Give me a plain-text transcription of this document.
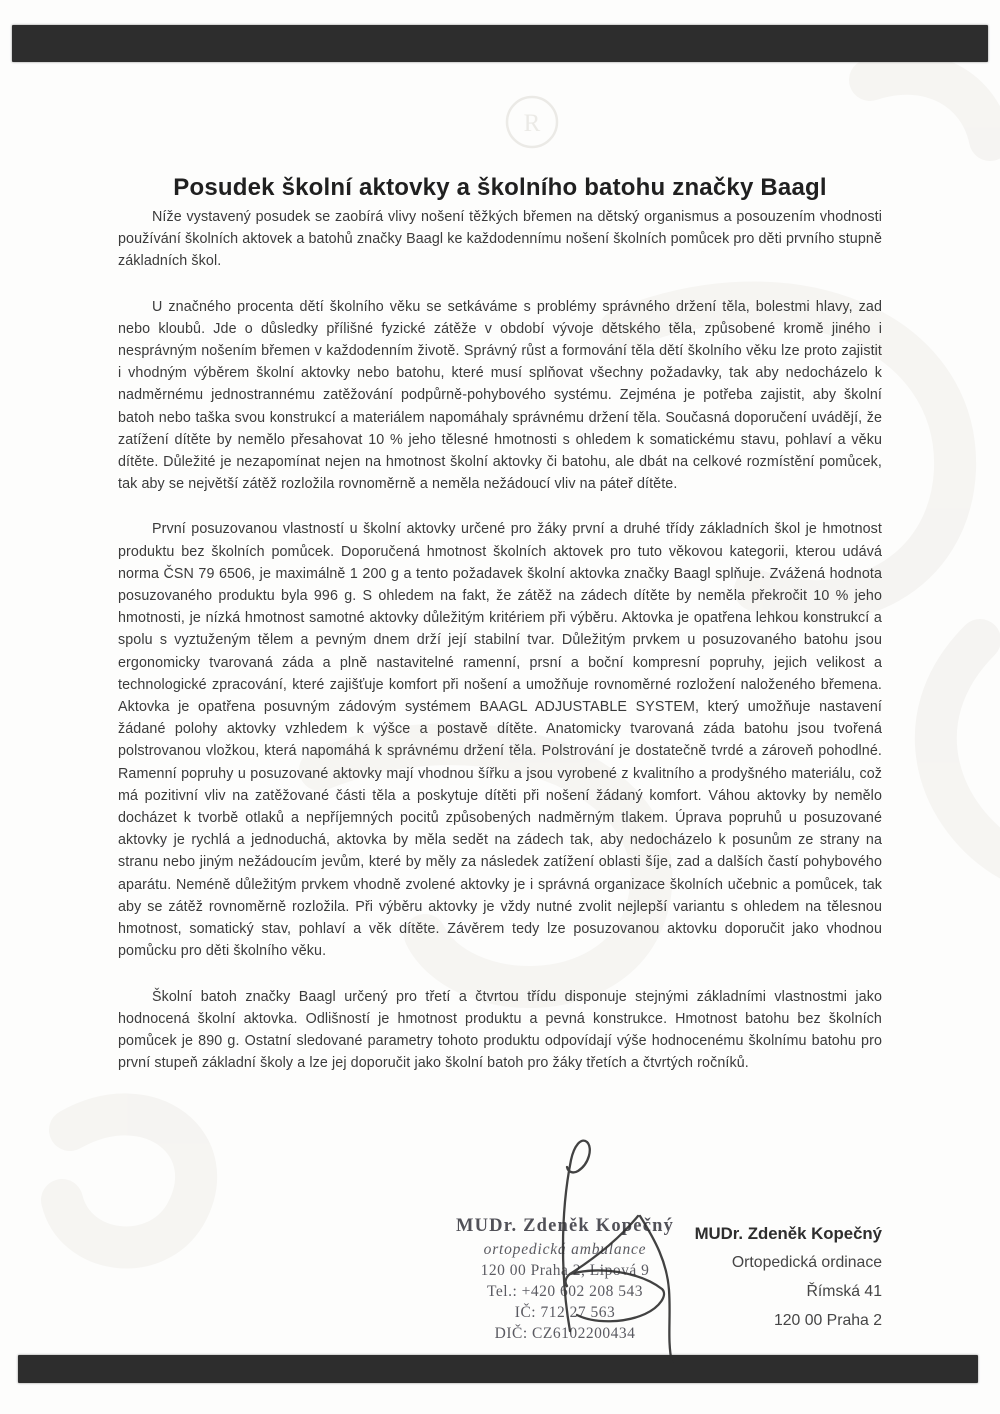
R
Posudek školní aktovky a školního batohu značky Baagl

Níže vystavený posudek se zaobírá vlivy nošení těžkých břemen na dětský organismus a posouzením vhodnosti používání školních aktovek a batohů značky Baagl ke každodennímu nošení školních pomůcek pro děti prvního stupně základních škol.

U značného procenta dětí školního věku se setkáváme s problémy správného držení těla, bolestmi hlavy, zad nebo kloubů. Jde o důsledky přílišné fyzické zátěže v období vývoje dětského těla, způsobené kromě jiného i nesprávným nošením břemen v každodenním životě. Správný růst a formování těla dětí školního věku lze proto zajistit i vhodným výběrem školní aktovky nebo batohu, které musí splňovat všechny požadavky, tak aby nedocházelo k nadměrnému jednostrannému zatěžování podpůrně-pohybového systému. Zejména je potřeba zajistit, aby školní batoh nebo taška svou konstrukcí a materiálem napomáhaly správnému držení těla. Současná doporučení uvádějí, že zatížení dítěte by nemělo přesahovat 10 % jeho tělesné hmotnosti s ohledem k somatickému stavu, pohlaví a věku dítěte. Důležité je nezapomínat nejen na hmotnost školní aktovky či batohu, ale dbát na celkové rozmístění pomůcek, tak aby se největší zátěž rozložila rovnoměrně a neměla nežádoucí vliv na páteř dítěte.

První posuzovanou vlastností u školní aktovky určené pro žáky první a druhé třídy základních škol je hmotnost produktu bez školních pomůcek. Doporučená hmotnost školních aktovek pro tuto věkovou kategorii, kterou udává norma ČSN 79 6506, je maximálně 1 200 g a tento požadavek školní aktovka značky Baagl splňuje. Zvážená hodnota posuzovaného produktu byla 996 g. S ohledem na fakt, že zátěž na zádech dítěte by neměla překročit 10 % jeho hmotnosti, je nízká hmotnost samotné aktovky důležitým kritériem při výběru. Aktovka je opatřena lehkou konstrukcí a spolu s vyztuženým tělem a pevným dnem drží její stabilní tvar. Důležitým prvkem u posuzovaného batohu jsou ergonomicky tvarovaná záda a plně nastavitelné ramenní, prsní a boční kompresní popruhy, jejich velikost a technologické zpracování, které zajišťuje komfort při nošení a umožňuje rovnoměrné rozložení naloženého břemena. Aktovka je opatřena posuvným zádovým systémem BAAGL ADJUSTABLE SYSTEM, který umožňuje nastavení žádané polohy aktovky vzhledem k výšce a postavě dítěte. Anatomicky tvarovaná záda batohu jsou tvořená polstrovanou vložkou, která napomáhá k správnému držení těla. Polstrování je dostatečně tvrdé a zároveň pohodlné. Ramenní popruhy u posuzované aktovky mají vhodnou šířku a jsou vyrobené z kvalitního a prodyšného materiálu, což má pozitivní vliv na zatěžované části těla a poskytuje dítěti při nošení žádaný komfort. Váhou aktovky by nemělo docházet k tvorbě otlaků a nepříjemných pocitů způsobených nadměrným tlakem. Úprava popruhů u posuzované aktovky je rychlá a jednoduchá, aktovka by měla sedět na zádech tak, aby nedocházelo k posunům ze strany na stranu nebo jiným nežádoucím jevům, které by měly za následek zatížení oblasti šíje, zad a dalších častí pohybového aparátu. Neméně důležitým prvkem vhodně zvolené aktovky je i správná organizace školních učebnic a pomůcek, tak aby se zátěž rovnoměrně rozložila. Při výběru aktovky je vždy nutné zvolit nejlepší variantu s ohledem na tělesnou hmotnost, somatický stav, pohlaví a věk dítěte. Závěrem tedy lze posuzovanou aktovku doporučit jako vhodnou pomůcku pro děti školního věku.

Školní batoh značky Baagl určený pro třetí a čtvrtou třídu disponuje stejnými základními vlastnostmi jako hodnocená školní aktovka. Odlišností je hmotnost produktu a pevná konstrukce. Hmotnost batohu bez školních pomůcek je 890 g. Ostatní sledované parametry tohoto produktu odpovídají výše hodnocenému školnímu batohu pro první stupeň základní školy a lze jej doporučit jako školní batoh pro žáky třetích a čtvrtých ročníků.

MUDr. Zdeněk Kopečný
ortopedická ambulance
120 00 Praha 2, Lipová 9
Tel.: +420 602 208 543
IČ: 712 27 563
DIČ: CZ6102200434
MUDr. Zdeněk Kopečný
Ortopedická ordinace
Římská 41
120 00 Praha 2
